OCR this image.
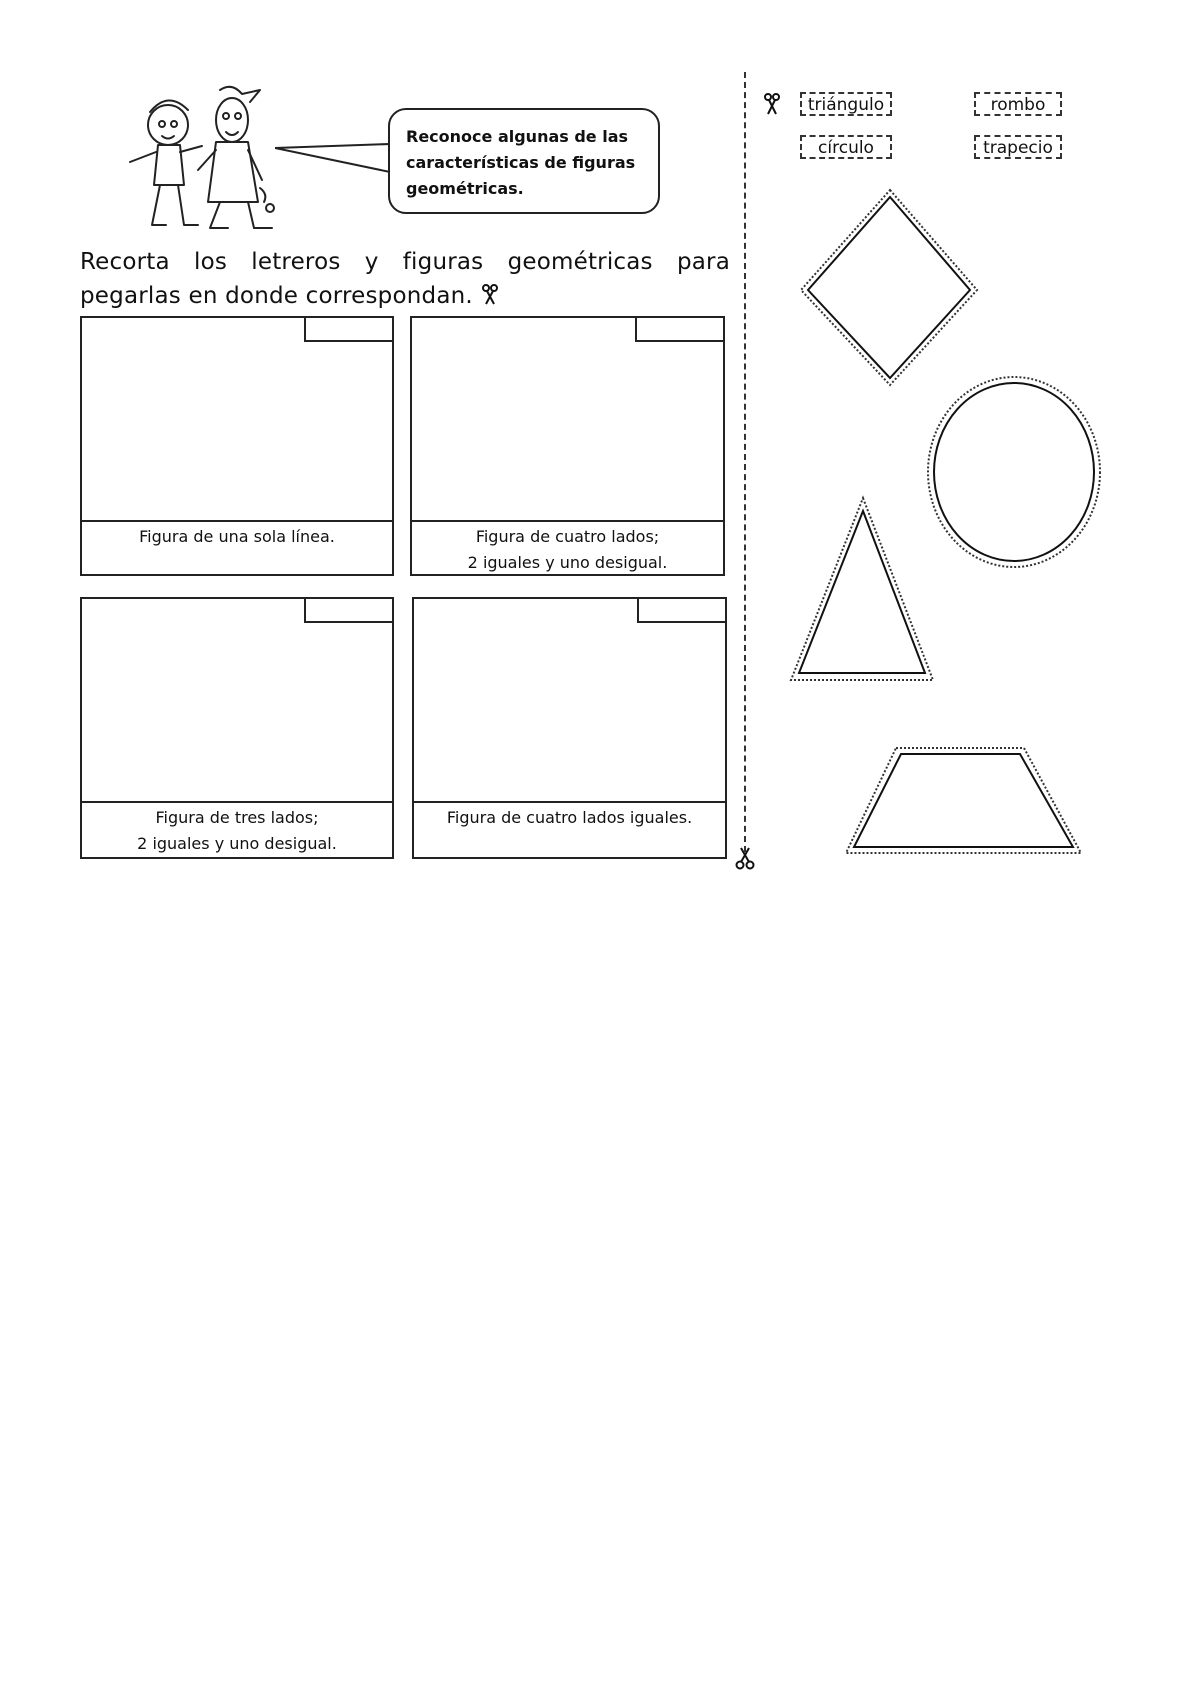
Reconoce algunas de las características de figuras geométricas.
Recorta los letreros y figuras geométricas para pegarlas en donde correspondan.
Figura de una sola línea.	Figura de cuatro lados;
2 iguales y uno desigual.
Figura de tres lados;
2 iguales y uno desigual.
Figura de cuatro lados iguales.
triángulo	rombo
círculo	trapecio
